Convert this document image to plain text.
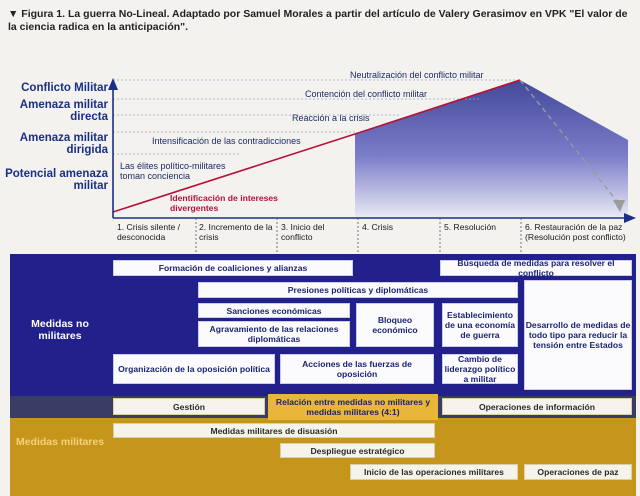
▼ Figura 1. La guerra No-Lineal. Adaptado por Samuel Morales a partir del artículo de Valery Gerasimov en VPK "El valor de la ciencia radica en la anticipación".
Conflicto Militar
Amenaza militar directa
Amenaza militar dirigida
Potencial amenaza militar
Neutralización del conflicto militar
Contención del conflicto militar
Reacción a la crisis
Intensificación de las contradicciones
Las élites político-militares toman conciencia
Identificación de intereses divergentes
1. Crisis silente / desconocida
2. Incremento de la crisis
3. Inicio del conflicto
4. Crisis	5. Resolución	6. Restauración de la paz (Resolución post conflicto)
Medidas no militares
Medidas militares
Formación de coaliciones y alianzas	Búsqueda de medidas para resolver el conflicto
Presiones políticas y diplomáticas
Sanciones económicas
Agravamiento de las relaciones diplomáticas
Bloqueo económico
Establecimiento de una economía de guerra
Desarrollo de medidas de todo tipo para reducir la tensión entre Estados
Organización de la oposición política	Acciones de las fuerzas de oposición
Cambio de liderazgo político a militar
Gestión	Relación entre medidas no militares y medidas militares (4:1)
Operaciones de información
Medidas militares de disuasión
Despliegue estratégico
Inicio de las operaciones militares	Operaciones de paz
